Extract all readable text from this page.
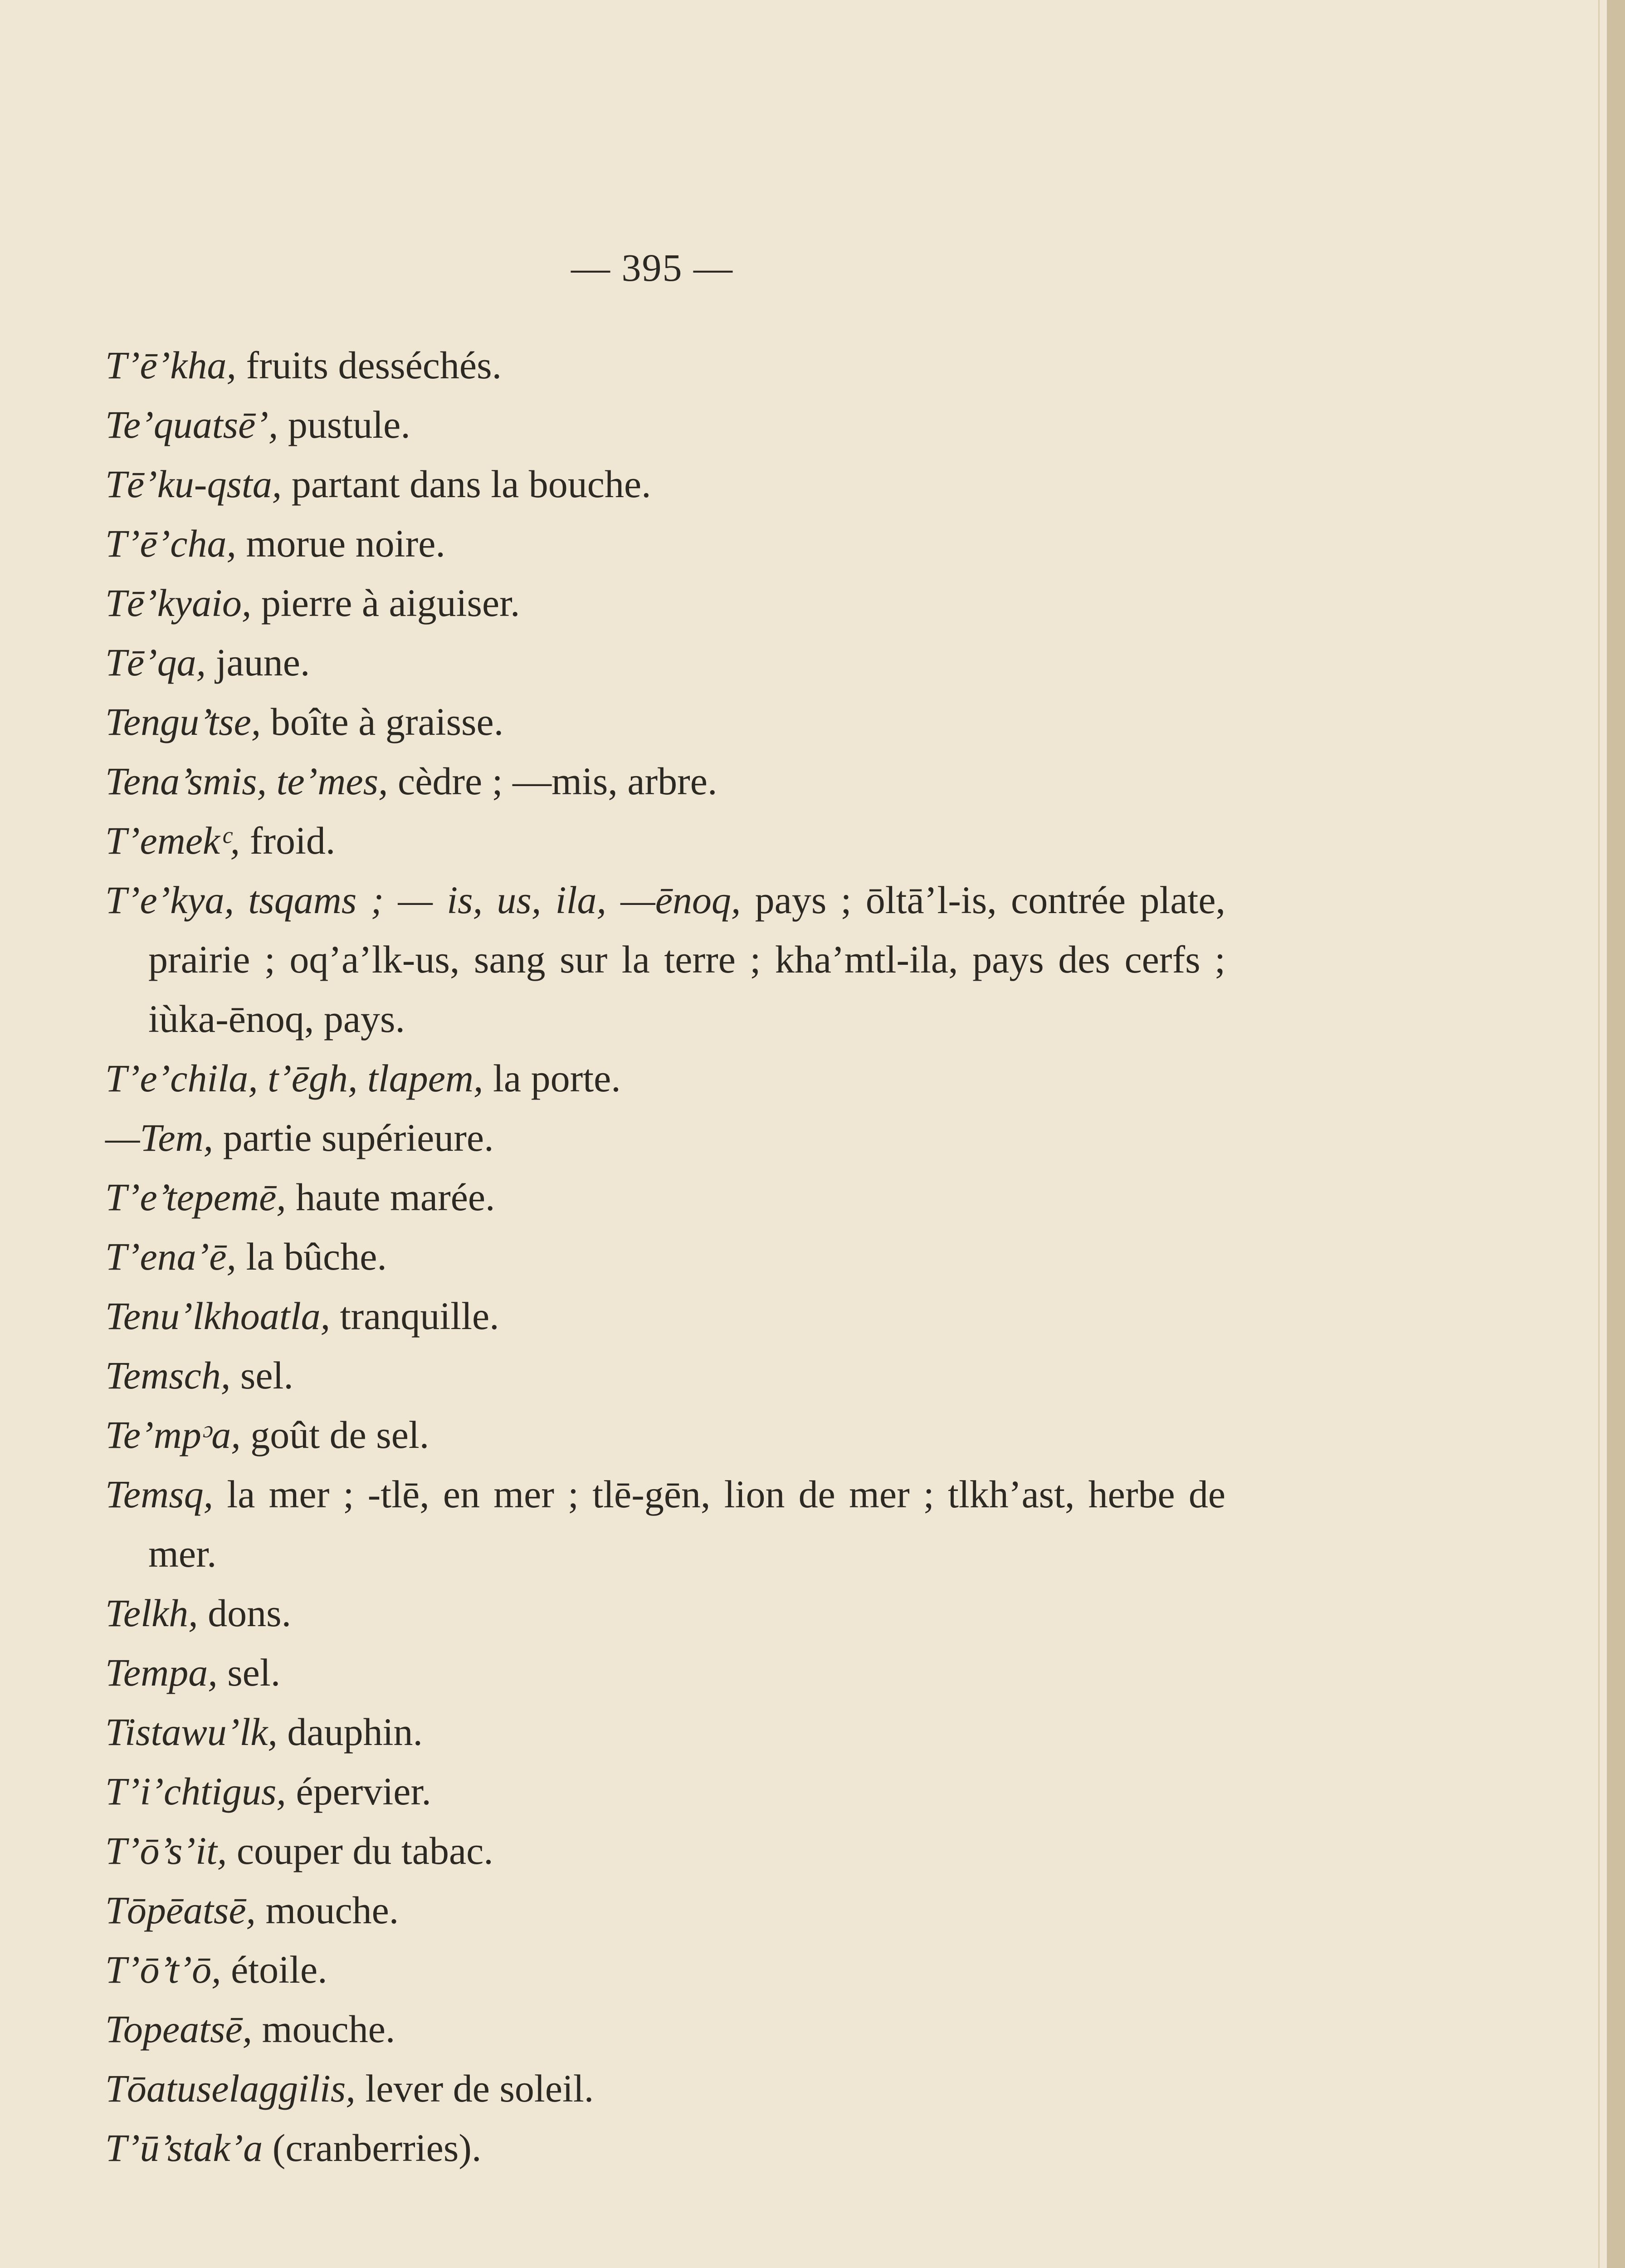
— 395 —

T’ē’kha, fruits desséchés.

Te’quatsē’, pustule.

Tē’ku-qsta, partant dans la bouche.

T’ē’cha, morue noire.

Tē’kyaio, pierre à aiguiser.

Tē’qa, jaune.

Tengu’tse, boîte à graisse.

Tena’smis, te’mes, cèdre ; —mis, arbre.

T’emekᶜ, froid.

T’e’kya, tsqams ; — is, us, ila, —ēnoq, pays ; ōltā’l-is, contrée plate, prairie ; oq’a’lk-us, sang sur la terre ; kha’mtl-ila, pays des cerfs ; iùka-ēnoq, pays.

T’e’chila, t’ēgh, tlapem, la porte.

—Tem, partie supérieure.

T’e’tepemē, haute marée.

T’ena’ē, la bûche.

Tenu’lkhoatla, tranquille.

Temsch, sel.

Te’mpᵓa, goût de sel.

Temsq, la mer ; -tlē, en mer ; tlē-gēn, lion de mer ; tlkh’ast, herbe de mer.

Telkh, dons.

Tempa, sel.

Tistawu’lk, dauphin.

T’i’chtigus, épervier.

T’ō’s’it, couper du tabac.

Tōpēatsē, mouche.

T’ō’t’ō, étoile.

Topeatsē, mouche.

Tōatuselaggilis, lever de soleil.

T’ū’stak’a (cranberries).
